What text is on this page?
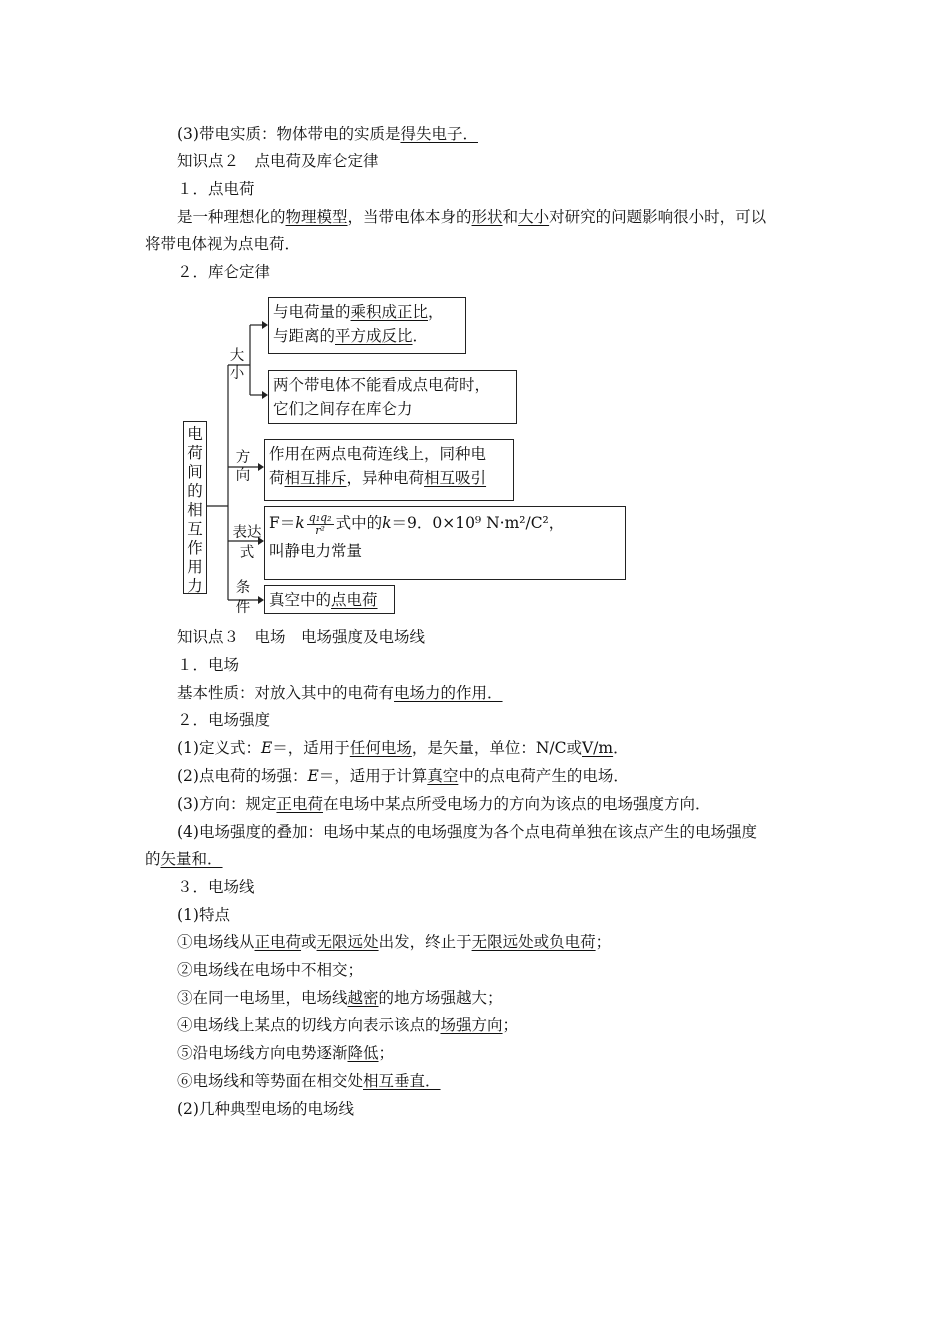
(3)带电实质：物体带电的实质是得失电子．
知识点２　点电荷及库仑定律
１．点电荷
是一种理想化的物理模型，当带电体本身的形状和大小对研究的问题影响很小时，可以
将带电体视为点电荷．
２．库仑定律
电荷间的相互作用力
大小
方向
表达式
条件
与电荷量的乘积成正比，
与距离的平方成反比．
两个带电体不能看成点电荷时，
它们之间存在库仑力
作用在两点电荷连线上，同种电
荷相互排斥，异种电荷相互吸引
$F=k \frac{\text{q₁q₂}}{\text{r²}}$ 式中的k＝9．0×10⁹ N·m²/C²，
叫静电力常量
真空中的点电荷
知识点３　电场　电场强度及电场线
１．电场
基本性质：对放入其中的电荷有电场力的作用．
２．电场强度
(1)定义式：E＝，适用于任何电场，是矢量，单位：N/C或V/m．
(2)点电荷的场强：E＝，适用于计算真空中的点电荷产生的电场．
(3)方向：规定正电荷在电场中某点所受电场力的方向为该点的电场强度方向．
(4)电场强度的叠加：电场中某点的电场强度为各个点电荷单独在该点产生的电场强度
的矢量和．
３．电场线
(1)特点
①电场线从正电荷或无限远处出发，终止于无限远处或负电荷；
②电场线在电场中不相交；
③在同一电场里，电场线越密的地方场强越大；
④电场线上某点的切线方向表示该点的场强方向；
⑤沿电场线方向电势逐渐降低；
⑥电场线和等势面在相交处相互垂直．
(2)几种典型电场的电场线
